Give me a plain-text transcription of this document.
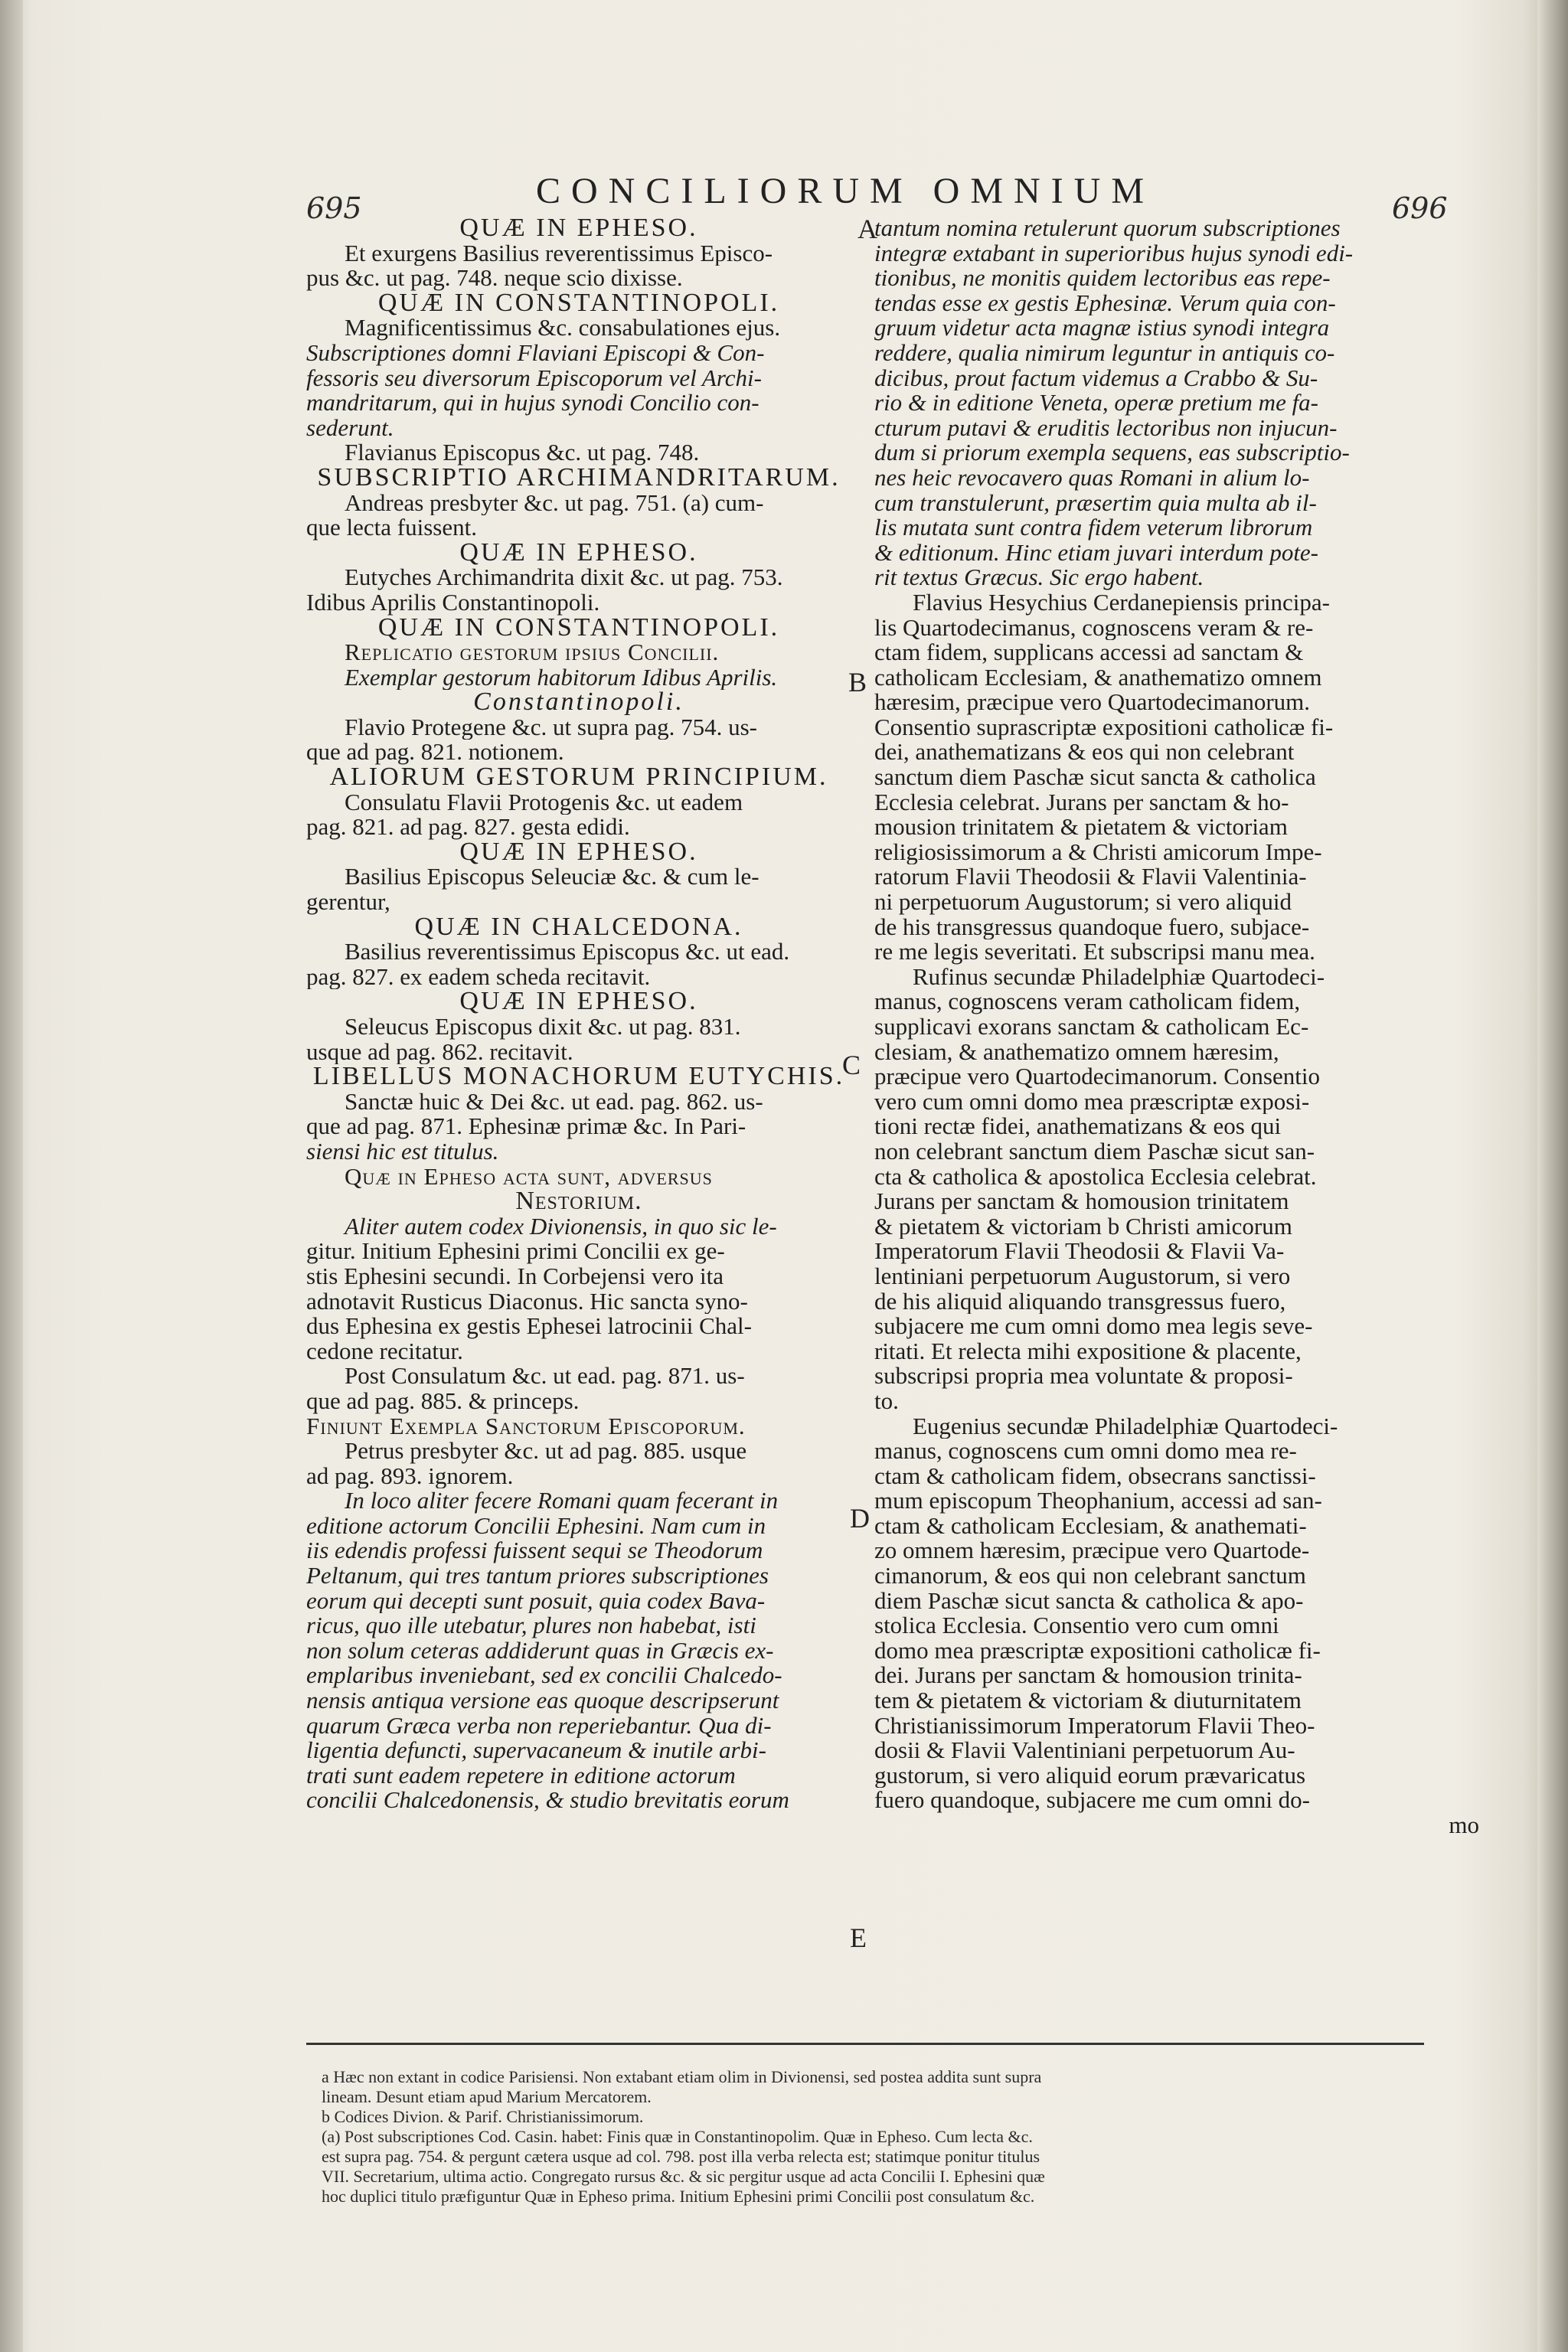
695	696
CONCILIORUM OMNIUM
QUÆ IN EPHESO.
Et exurgens Basilius reverentissimus Episco-
pus &c. ut pag. 748. neque scio dixisse.
QUÆ IN CONSTANTINOPOLI.
Magnificentissimus &c. consabulationes ejus.
Subscriptiones domni Flaviani Episcopi & Con-
fessoris seu diversorum Episcoporum vel Archi-
mandritarum, qui in hujus synodi Concilio con-
sederunt.
Flavianus Episcopus &c. ut pag. 748.
SUBSCRIPTIO ARCHIMANDRITARUM.
Andreas presbyter &c. ut pag. 751. (a) cum-
que lecta fuissent.
QUÆ IN EPHESO.
Eutyches Archimandrita dixit &c. ut pag. 753.
Idibus Aprilis Constantinopoli.
QUÆ IN CONSTANTINOPOLI.
Replicatio gestorum ipsius Concilii.
Exemplar gestorum habitorum Idibus Aprilis.
Constantinopoli.
Flavio Protegene &c. ut supra pag. 754. us-
que ad pag. 821. notionem.
ALIORUM GESTORUM PRINCIPIUM.
Consulatu Flavii Protogenis &c. ut eadem
pag. 821. ad pag. 827. gesta edidi.
QUÆ IN EPHESO.
Basilius Episcopus Seleuciæ &c. & cum le-
gerentur,
QUÆ IN CHALCEDONA.
Basilius reverentissimus Episcopus &c. ut ead.
pag. 827. ex eadem scheda recitavit.
QUÆ IN EPHESO.
Seleucus Episcopus dixit &c. ut pag. 831.
usque ad pag. 862. recitavit.
LIBELLUS MONACHORUM EUTYCHIS.
Sanctæ huic & Dei &c. ut ead. pag. 862. us-
que ad pag. 871. Ephesinæ primæ &c. In Pari-
siensi hic est titulus.
Quæ in Epheso acta sunt, adversus
Nestorium.
Aliter autem codex Divionensis, in quo sic le-
gitur. Initium Ephesini primi Concilii ex ge-
stis Ephesini secundi. In Corbejensi vero ita
adnotavit Rusticus Diaconus. Hic sancta syno-
dus Ephesina ex gestis Ephesei latrocinii Chal-
cedone recitatur.
Post Consulatum &c. ut ead. pag. 871. us-
que ad pag. 885. & princeps.
Finiunt Exempla Sanctorum Episcoporum.
Petrus presbyter &c. ut ad pag. 885. usque
ad pag. 893. ignorem.
In loco aliter fecere Romani quam fecerant in
editione actorum Concilii Ephesini. Nam cum in
iis edendis professi fuissent sequi se Theodorum
Peltanum, qui tres tantum priores subscriptiones
eorum qui decepti sunt posuit, quia codex Bava-
ricus, quo ille utebatur, plures non habebat, isti
non solum ceteras addiderunt quas in Græcis ex-
emplaribus inveniebant, sed ex concilii Chalcedo-
nensis antiqua versione eas quoque descripserunt
quarum Græca verba non reperiebantur. Qua di-
ligentia defuncti, supervacaneum & inutile arbi-
trati sunt eadem repetere in editione actorum
concilii Chalcedonensis, & studio brevitatis eorum
tantum nomina retulerunt quorum subscriptiones
integræ extabant in superioribus hujus synodi edi-
tionibus, ne monitis quidem lectoribus eas repe-
tendas esse ex gestis Ephesinæ. Verum quia con-
gruum videtur acta magnæ istius synodi integra
reddere, qualia nimirum leguntur in antiquis co-
dicibus, prout factum videmus a Crabbo & Su-
rio & in editione Veneta, operæ pretium me fa-
cturum putavi & eruditis lectoribus non injucun-
dum si priorum exempla sequens, eas subscriptio-
nes heic revocavero quas Romani in alium lo-
cum transtulerunt, præsertim quia multa ab il-
lis mutata sunt contra fidem veterum librorum
& editionum. Hinc etiam juvari interdum pote-
rit textus Græcus. Sic ergo habent.
Flavius Hesychius Cerdanepiensis principa-
lis Quartodecimanus, cognoscens veram & re-
ctam fidem, supplicans accessi ad sanctam &
catholicam Ecclesiam, & anathematizo omnem
hæresim, præcipue vero Quartodecimanorum.
Consentio suprascriptæ expositioni catholicæ fi-
dei, anathematizans & eos qui non celebrant
sanctum diem Paschæ sicut sancta & catholica
Ecclesia celebrat. Jurans per sanctam & ho-
mousion trinitatem & pietatem & victoriam
religiosissimorum a & Christi amicorum Impe-
ratorum Flavii Theodosii & Flavii Valentinia-
ni perpetuorum Augustorum; si vero aliquid
de his transgressus quandoque fuero, subjace-
re me legis severitati. Et subscripsi manu mea.
Rufinus secundæ Philadelphiæ Quartodeci-
manus, cognoscens veram catholicam fidem,
supplicavi exorans sanctam & catholicam Ec-
clesiam, & anathematizo omnem hæresim,
præcipue vero Quartodecimanorum. Consentio
vero cum omni domo mea præscriptæ exposi-
tioni rectæ fidei, anathematizans & eos qui
non celebrant sanctum diem Paschæ sicut san-
cta & catholica & apostolica Ecclesia celebrat.
Jurans per sanctam & homousion trinitatem
& pietatem & victoriam b Christi amicorum
Imperatorum Flavii Theodosii & Flavii Va-
lentiniani perpetuorum Augustorum, si vero
de his aliquid aliquando transgressus fuero,
subjacere me cum omni domo mea legis seve-
ritati. Et relecta mihi expositione & placente,
subscripsi propria mea voluntate & proposi-
to.
Eugenius secundæ Philadelphiæ Quartodeci-
manus, cognoscens cum omni domo mea re-
ctam & catholicam fidem, obsecrans sanctissi-
mum episcopum Theophanium, accessi ad san-
ctam & catholicam Ecclesiam, & anathemati-
zo omnem hæresim, præcipue vero Quartode-
cimanorum, & eos qui non celebrant sanctum
diem Paschæ sicut sancta & catholica & apo-
stolica Ecclesia. Consentio vero cum omni
domo mea præscriptæ expositioni catholicæ fi-
dei. Jurans per sanctam & homousion trinita-
tem & pietatem & victoriam & diuturnitatem
Christianissimorum Imperatorum Flavii Theo-
dosii & Flavii Valentiniani perpetuorum Au-
gustorum, si vero aliquid eorum prævaricatus
fuero quandoque, subjacere me cum omni do-
mo
A
B
C
D
E
a Hæc non extant in codice Parisiensi. Non extabant etiam olim in Divionensi, sed postea addita sunt supra
lineam. Desunt etiam apud Marium Mercatorem.
b Codices Divion. & Parif. Christianissimorum.
(a) Post subscriptiones Cod. Casin. habet: Finis quæ in Constantinopolim. Quæ in Epheso. Cum lecta &c.
est supra pag. 754. & pergunt cætera usque ad col. 798. post illa verba relecta est; statimque ponitur titulus
VII. Secretarium, ultima actio. Congregato rursus &c. & sic pergitur usque ad acta Concilii I. Ephesini quæ
hoc duplici titulo præfiguntur Quæ in Epheso prima. Initium Ephesini primi Concilii post consulatum &c.
